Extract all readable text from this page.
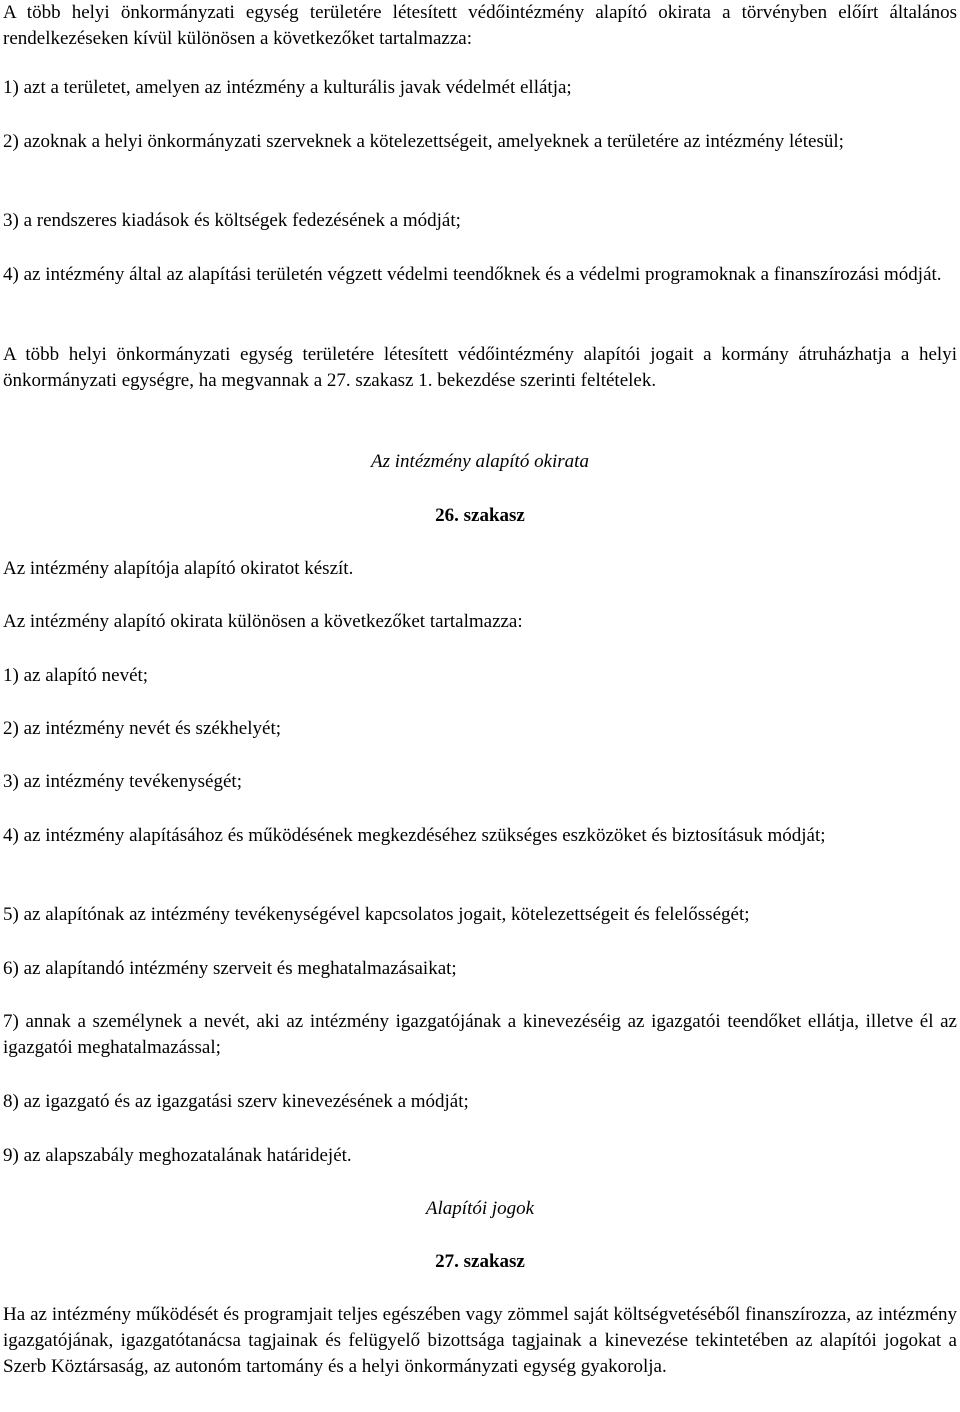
A több helyi önkormányzati egység területére létesített védőintézmény alapító okirata a törvényben előírt általános rendelkezéseken kívül különösen a következőket tartalmazza:

1) azt a területet, amelyen az intézmény a kulturális javak védelmét ellátja;

2) azoknak a helyi önkormányzati szerveknek a kötelezettségeit, amelyeknek a területére az intézmény létesül;

3) a rendszeres kiadások és költségek fedezésének a módját;

4) az intézmény által az alapítási területén végzett védelmi teendőknek és a védelmi programoknak a finanszírozási módját.

A több helyi önkormányzati egység területére létesített védőintézmény alapítói jogait a kormány átruházhatja a helyi önkormányzati egységre, ha megvannak a 27. szakasz 1. bekezdése szerinti feltételek.

Az intézmény alapító okirata

26. szakasz

Az intézmény alapítója alapító okiratot készít.

Az intézmény alapító okirata különösen a következőket tartalmazza:

1) az alapító nevét;

2) az intézmény nevét és székhelyét;

3) az intézmény tevékenységét;

4) az intézmény alapításához és működésének megkezdéséhez szükséges eszközöket és biztosításuk módját;

5) az alapítónak az intézmény tevékenységével kapcsolatos jogait, kötelezettségeit és felelősségét;

6) az alapítandó intézmény szerveit és meghatalmazásaikat;

7) annak a személynek a nevét, aki az intézmény igazgatójának a kinevezéséig az igazgatói teendőket ellátja, illetve él az igazgatói meghatalmazással;

8) az igazgató és az igazgatási szerv kinevezésének a módját;

9) az alapszabály meghozatalának határidejét.

Alapítói jogok

27. szakasz

Ha az intézmény működését és programjait teljes egészében vagy zömmel saját költségvetéséből finanszírozza, az intézmény igazgatójának, igazgatótanácsa tagjainak és felügyelő bizottsága tagjainak a kinevezése tekintetében az alapítói jogokat a Szerb Köztársaság, az autonóm tartomány és a helyi önkormányzati egység gyakorolja.
